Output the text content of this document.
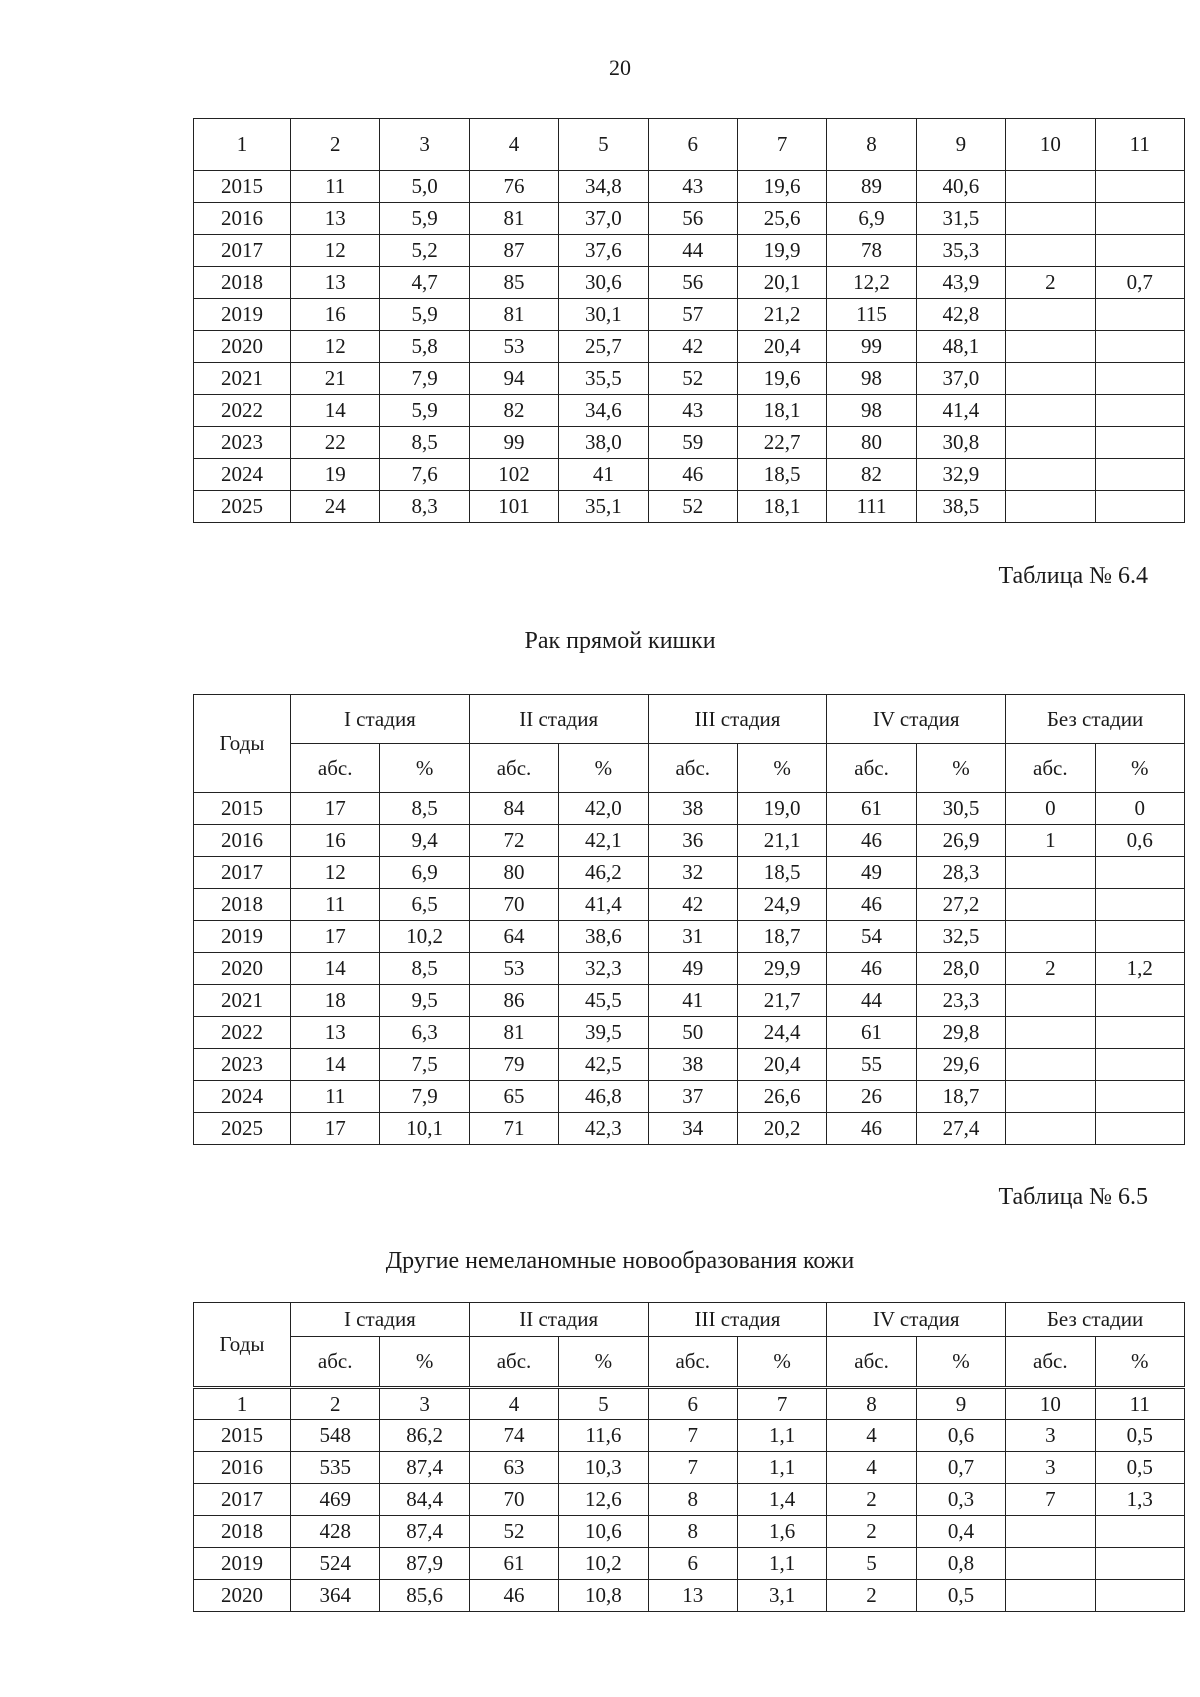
20
1	2	3	4	5	6	7	8	9	10	11
2015	11	5,0	76	34,8	43	19,6	89	40,6		
2016	13	5,9	81	37,0	56	25,6	6,9	31,5		
2017	12	5,2	87	37,6	44	19,9	78	35,3		
2018	13	4,7	85	30,6	56	20,1	12,2	43,9	2	0,7
2019	16	5,9	81	30,1	57	21,2	115	42,8		
2020	12	5,8	53	25,7	42	20,4	99	48,1		
2021	21	7,9	94	35,5	52	19,6	98	37,0		
2022	14	5,9	82	34,6	43	18,1	98	41,4		
2023	22	8,5	99	38,0	59	22,7	80	30,8		
2024	19	7,6	102	41	46	18,5	82	32,9		
2025	24	8,3	101	35,1	52	18,1	111	38,5		
Таблица № 6.4
Рак прямой кишки
Годы	I стадия		II стадия		III стадия		IV стадия		Без стадии	
	абс.	%	абс.	%	абс.	%	абс.	%	абс.	%
2015	17	8,5	84	42,0	38	19,0	61	30,5	0	0
2016	16	9,4	72	42,1	36	21,1	46	26,9	1	0,6
2017	12	6,9	80	46,2	32	18,5	49	28,3		
2018	11	6,5	70	41,4	42	24,9	46	27,2		
2019	17	10,2	64	38,6	31	18,7	54	32,5		
2020	14	8,5	53	32,3	49	29,9	46	28,0	2	1,2
2021	18	9,5	86	45,5	41	21,7	44	23,3		
2022	13	6,3	81	39,5	50	24,4	61	29,8		
2023	14	7,5	79	42,5	38	20,4	55	29,6		
2024	11	7,9	65	46,8	37	26,6	26	18,7		
2025	17	10,1	71	42,3	34	20,2	46	27,4		
Таблица № 6.5
Другие немеланомные новообразования кожи
Годы	I стадия		II стадия		III стадия		IV стадия		Без стадии	
	абс.	%	абс.	%	абс.	%	абс.	%	абс.	%
1	2	3	4	5	6	7	8	9	10	11
2015	548	86,2	74	11,6	7	1,1	4	0,6	3	0,5
2016	535	87,4	63	10,3	7	1,1	4	0,7	3	0,5
2017	469	84,4	70	12,6	8	1,4	2	0,3	7	1,3
2018	428	87,4	52	10,6	8	1,6	2	0,4		
2019	524	87,9	61	10,2	6	1,1	5	0,8		
2020	364	85,6	46	10,8	13	3,1	2	0,5		
